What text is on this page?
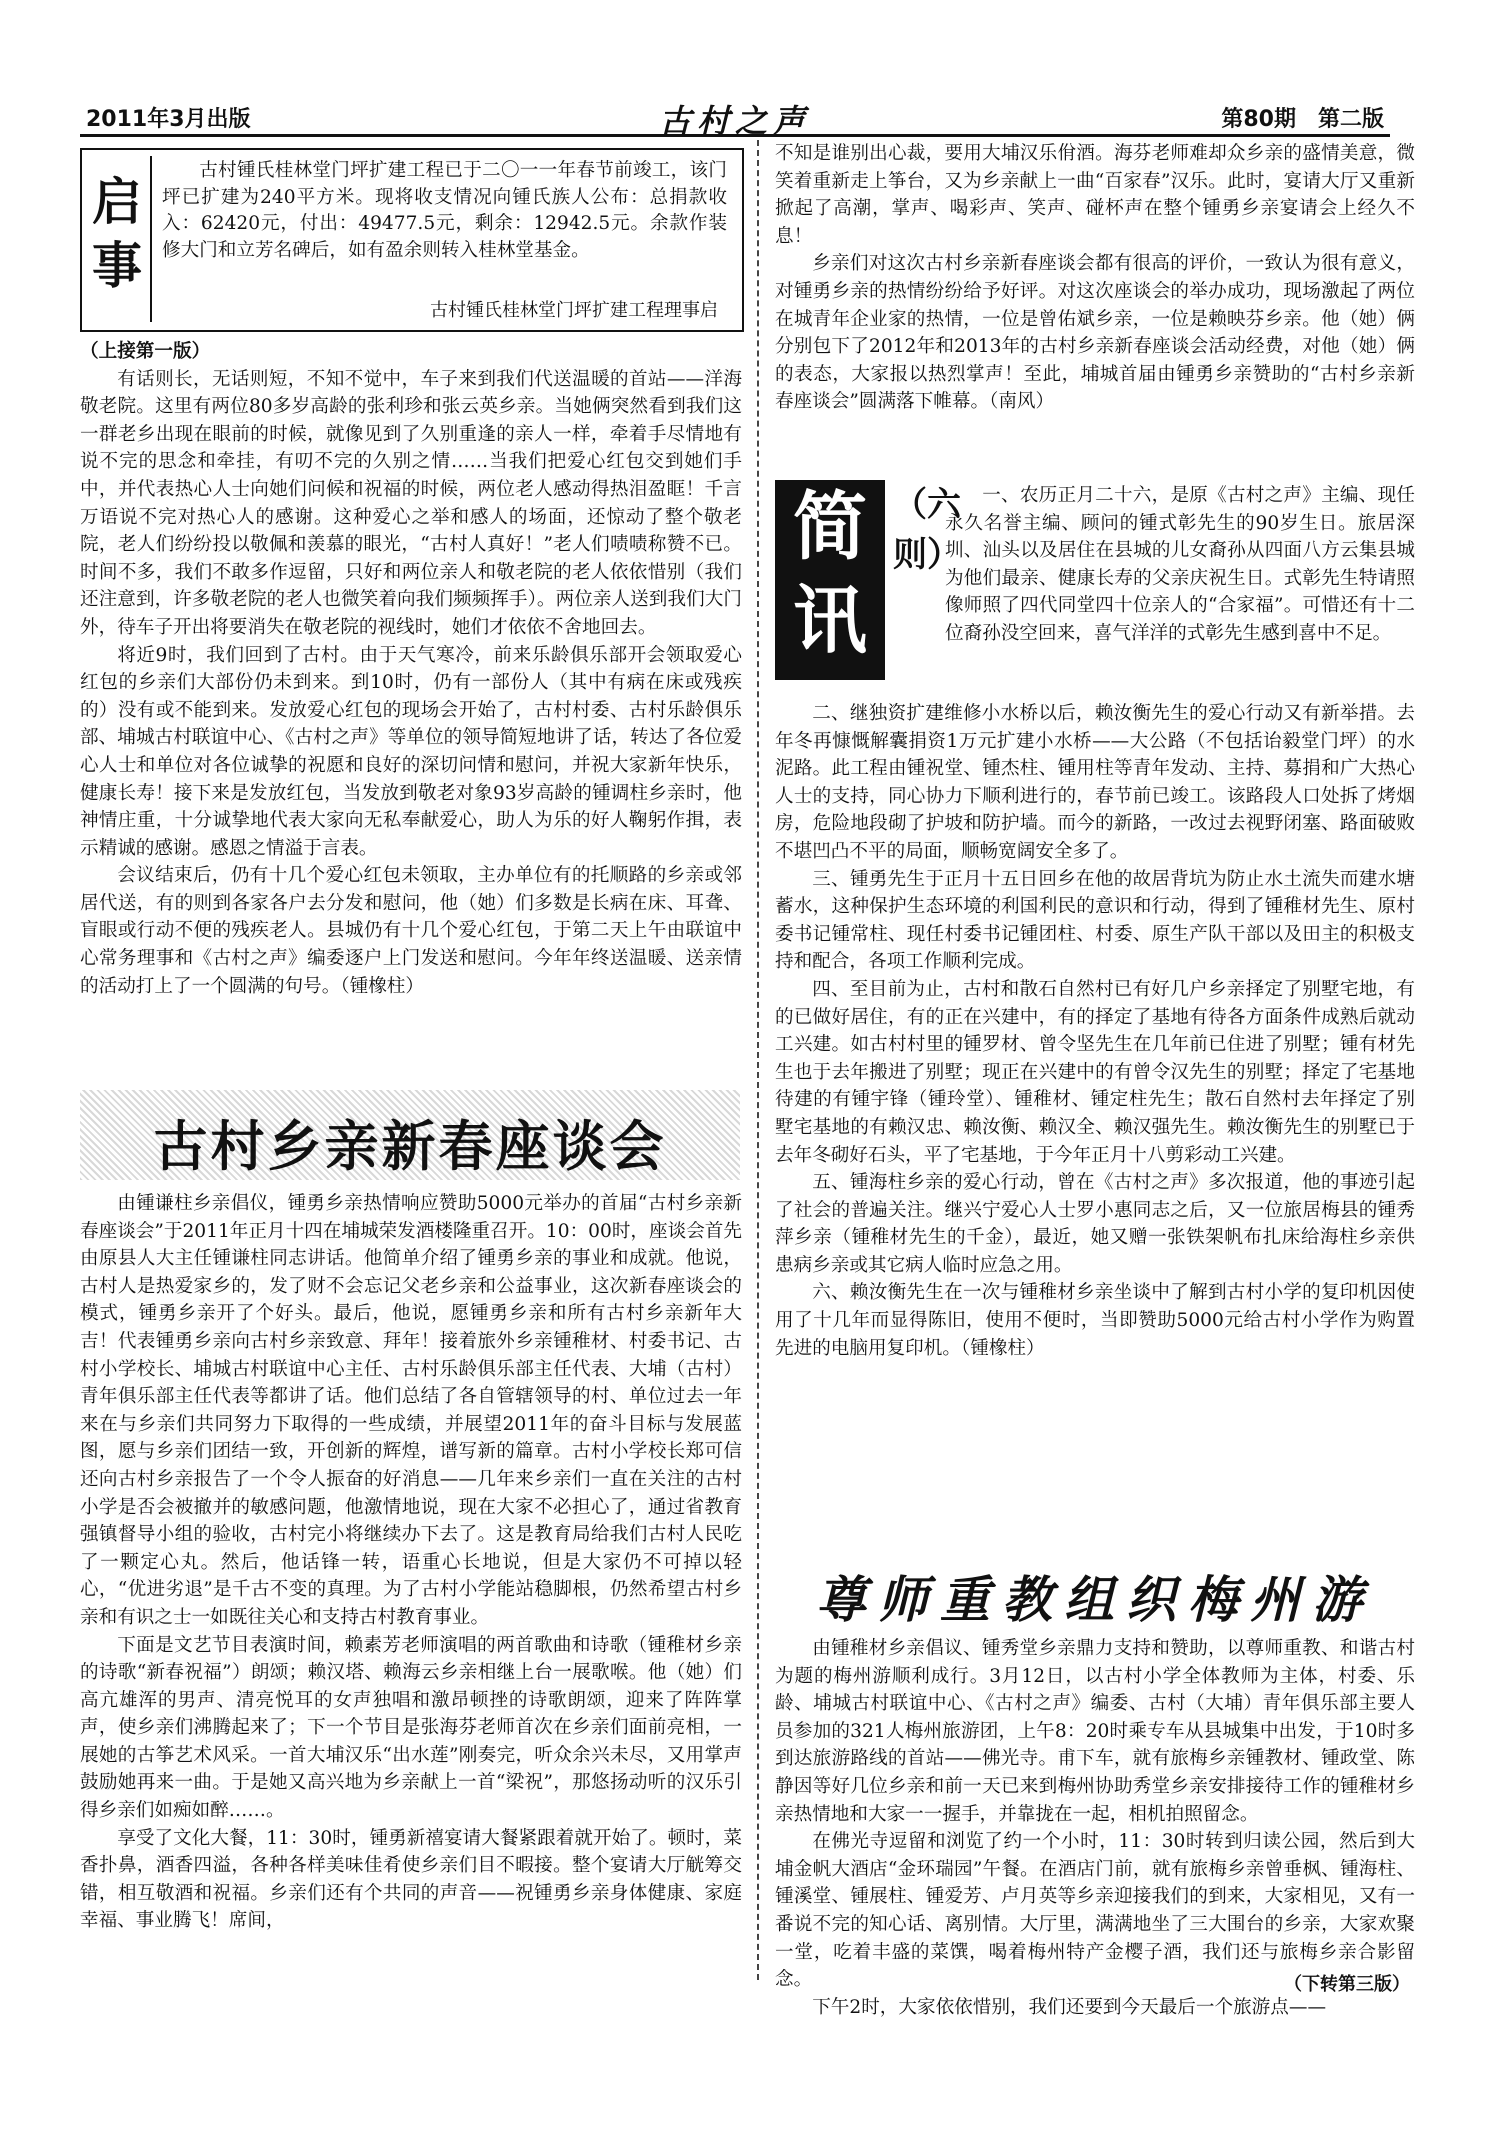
2011年3月出版	古村之声	第80期　第二版
启事

古村锺氏桂林堂门坪扩建工程已于二〇一一年春节前竣工，该门坪已扩建为240平方米。现将收支情况向锺氏族人公布：总捐款收入：62420元，付出：49477.5元，剩余：12942.5元。余款作装修大门和立芳名碑后，如有盈余则转入桂林堂基金。

古村锺氏桂林堂门坪扩建工程理事启

（上接第一版）

有话则长，无话则短，不知不觉中，车子来到我们代送温暖的首站——洋海敬老院。这里有两位80多岁高龄的张利珍和张云英乡亲。当她俩突然看到我们这一群老乡出现在眼前的时候，就像见到了久别重逢的亲人一样，牵着手尽情地有说不完的思念和牵挂，有叨不完的久别之情……当我们把爱心红包交到她们手中，并代表热心人士向她们问候和祝福的时候，两位老人感动得热泪盈眶！千言万语说不完对热心人的感谢。这种爱心之举和感人的场面，还惊动了整个敬老院，老人们纷纷投以敬佩和羡慕的眼光，“古村人真好！”老人们啧啧称赞不已。时间不多，我们不敢多作逗留，只好和两位亲人和敬老院的老人依依惜别（我们还注意到，许多敬老院的老人也微笑着向我们频频挥手）。两位亲人送到我们大门外，待车子开出将要消失在敬老院的视线时，她们才依依不舍地回去。

将近9时，我们回到了古村。由于天气寒冷，前来乐龄俱乐部开会领取爱心红包的乡亲们大部份仍未到来。到10时，仍有一部份人（其中有病在床或残疾的）没有或不能到来。发放爱心红包的现场会开始了，古村村委、古村乐龄俱乐部、埔城古村联谊中心、《古村之声》等单位的领导简短地讲了话，转达了各位爱心人士和单位对各位诚挚的祝愿和良好的深切问情和慰问，并祝大家新年快乐，健康长寿！接下来是发放红包，当发放到敬老对象93岁高龄的锺调柱乡亲时，他神情庄重，十分诚挚地代表大家向无私奉献爱心，助人为乐的好人鞠躬作揖，表示精诚的感谢。感恩之情溢于言表。

会议结束后，仍有十几个爱心红包未领取，主办单位有的托顺路的乡亲或邻居代送，有的则到各家各户去分发和慰问，他（她）们多数是长病在床、耳聋、盲眼或行动不便的残疾老人。县城仍有十几个爱心红包，于第二天上午由联谊中心常务理事和《古村之声》编委逐户上门发送和慰问。今年年终送温暖、送亲情的活动打上了一个圆满的句号。（锺橡柱）

古村乡亲新春座谈会

由锺谦柱乡亲倡仪，锺勇乡亲热情响应赞助5000元举办的首届“古村乡亲新春座谈会”于2011年正月十四在埔城荣发酒楼隆重召开。10：00时，座谈会首先由原县人大主任锺谦柱同志讲话。他简单介绍了锺勇乡亲的事业和成就。他说，古村人是热爱家乡的，发了财不会忘记父老乡亲和公益事业，这次新春座谈会的模式，锺勇乡亲开了个好头。最后，他说，愿锺勇乡亲和所有古村乡亲新年大吉！代表锺勇乡亲向古村乡亲致意、拜年！接着旅外乡亲锺稚材、村委书记、古村小学校长、埔城古村联谊中心主任、古村乐龄俱乐部主任代表、大埔（古村）青年俱乐部主任代表等都讲了话。他们总结了各自管辖领导的村、单位过去一年来在与乡亲们共同努力下取得的一些成绩，并展望2011年的奋斗目标与发展蓝图，愿与乡亲们团结一致，开创新的辉煌，谱写新的篇章。古村小学校长郑可信还向古村乡亲报告了一个令人振奋的好消息——几年来乡亲们一直在关注的古村小学是否会被撤并的敏感问题，他激情地说，现在大家不必担心了，通过省教育强镇督导小组的验收，古村完小将继续办下去了。这是教育局给我们古村人民吃了一颗定心丸。然后，他话锋一转，语重心长地说，但是大家仍不可掉以轻心，“优进劣退”是千古不变的真理。为了古村小学能站稳脚根，仍然希望古村乡亲和有识之士一如既往关心和支持古村教育事业。

下面是文艺节目表演时间，赖素芳老师演唱的两首歌曲和诗歌（锺稚材乡亲的诗歌“新春祝福”）朗颂；赖汉塔、赖海云乡亲相继上台一展歌喉。他（她）们高亢雄浑的男声、清亮悦耳的女声独唱和激昂顿挫的诗歌朗颂，迎来了阵阵掌声，使乡亲们沸腾起来了；下一个节目是张海芬老师首次在乡亲们面前亮相，一展她的古筝艺术风采。一首大埔汉乐“出水莲”刚奏完，听众余兴未尽，又用掌声鼓励她再来一曲。于是她又高兴地为乡亲献上一首“梁祝”，那悠扬动听的汉乐引得乡亲们如痴如醉……。

享受了文化大餐，11：30时，锺勇新禧宴请大餐紧跟着就开始了。顿时，菜香扑鼻，酒香四溢，各种各样美味佳肴使乡亲们目不暇接。整个宴请大厅觥筹交错，相互敬酒和祝福。乡亲们还有个共同的声音——祝锺勇乡亲身体健康、家庭幸福、事业腾飞！席间，

不知是谁别出心裁，要用大埔汉乐佾酒。海芬老师难却众乡亲的盛情美意，微笑着重新走上筝台，又为乡亲献上一曲“百家春”汉乐。此时，宴请大厅又重新掀起了高潮，掌声、喝彩声、笑声、碰杯声在整个锺勇乡亲宴请会上经久不息！

乡亲们对这次古村乡亲新春座谈会都有很高的评价，一致认为很有意义，对锺勇乡亲的热情纷纷给予好评。对这次座谈会的举办成功，现场激起了两位在城青年企业家的热情，一位是曾佑斌乡亲，一位是赖映芬乡亲。他（她）俩分别包下了2012年和2013年的古村乡亲新春座谈会活动经费，对他（她）俩的表态，大家报以热烈掌声！至此，埔城首届由锺勇乡亲赞助的“古村乡亲新春座谈会”圆满落下帷幕。（南风）

简讯
（六则）

一、农历正月二十六，是原《古村之声》主编、现任永久名誉主编、顾问的锺式彰先生的90岁生日。旅居深圳、汕头以及居住在县城的儿女裔孙从四面八方云集县城为他们最亲、健康长寿的父亲庆祝生日。式彰先生特请照像师照了四代同堂四十位亲人的“合家福”。可惜还有十二位裔孙没空回来，喜气洋洋的式彰先生感到喜中不足。

二、继独资扩建维修小水桥以后，赖汝衡先生的爱心行动又有新举措。去年冬再慷慨解囊捐资1万元扩建小水桥——大公路（不包括诒毅堂门坪）的水泥路。此工程由锺祝堂、锺杰柱、锺用柱等青年发动、主持、募捐和广大热心人士的支持，同心协力下顺利进行的，春节前已竣工。该路段人口处拆了烤烟房，危险地段砌了护坡和防护墙。而今的新路，一改过去视野闭塞、路面破败不堪凹凸不平的局面，顺畅宽阔安全多了。

三、锺勇先生于正月十五日回乡在他的故居背坑为防止水土流失而建水塘蓄水，这种保护生态环境的利国利民的意识和行动，得到了锺稚材先生、原村委书记锺常柱、现任村委书记锺团柱、村委、原生产队干部以及田主的积极支持和配合，各项工作顺利完成。

四、至目前为止，古村和散石自然村已有好几户乡亲择定了别墅宅地，有的已做好居住，有的正在兴建中，有的择定了基地有待各方面条件成熟后就动工兴建。如古村村里的锺罗材、曾令坚先生在几年前已住进了别墅；锺有材先生也于去年搬进了别墅；现正在兴建中的有曾令汉先生的别墅；择定了宅基地待建的有锺宇锋（锺玲堂）、锺稚材、锺定柱先生；散石自然村去年择定了别墅宅基地的有赖汉忠、赖汝衡、赖汉全、赖汉强先生。赖汝衡先生的别墅已于去年冬砌好石头，平了宅基地，于今年正月十八剪彩动工兴建。

五、锺海柱乡亲的爱心行动，曾在《古村之声》多次报道，他的事迹引起了社会的普遍关注。继兴宁爱心人士罗小惠同志之后，又一位旅居梅县的锺秀萍乡亲（锺稚材先生的千金），最近，她又赠一张铁架帆布扎床给海柱乡亲供患病乡亲或其它病人临时应急之用。

六、赖汝衡先生在一次与锺稚材乡亲坐谈中了解到古村小学的复印机因使用了十几年而显得陈旧，使用不便时，当即赞助5000元给古村小学作为购置先进的电脑用复印机。（锺橡柱）

尊师重教组织梅州游

由锺稚材乡亲倡议、锺秀堂乡亲鼎力支持和赞助，以尊师重教、和谐古村为题的梅州游顺利成行。3月12日，以古村小学全体教师为主体，村委、乐龄、埔城古村联谊中心、《古村之声》编委、古村（大埔）青年俱乐部主要人员参加的321人梅州旅游团，上午8：20时乘专车从县城集中出发，于10时多到达旅游路线的首站——佛光寺。甫下车，就有旅梅乡亲锺教材、锺政堂、陈静因等好几位乡亲和前一天已来到梅州协助秀堂乡亲安排接待工作的锺稚材乡亲热情地和大家一一握手，并靠拢在一起，相机拍照留念。

在佛光寺逗留和浏览了约一个小时，11：30时转到归读公园，然后到大埔金帆大酒店“金环瑞园”午餐。在酒店门前，就有旅梅乡亲曾垂枫、锺海柱、锺溪堂、锺展柱、锺爱芳、卢月英等乡亲迎接我们的到来，大家相见，又有一番说不完的知心话、离别情。大厅里，满满地坐了三大围台的乡亲，大家欢聚一堂，吃着丰盛的菜馔，喝着梅州特产金樱子酒，我们还与旅梅乡亲合影留念。

下午2时，大家依依惜别，我们还要到今天最后一个旅游点——

（下转第三版）
